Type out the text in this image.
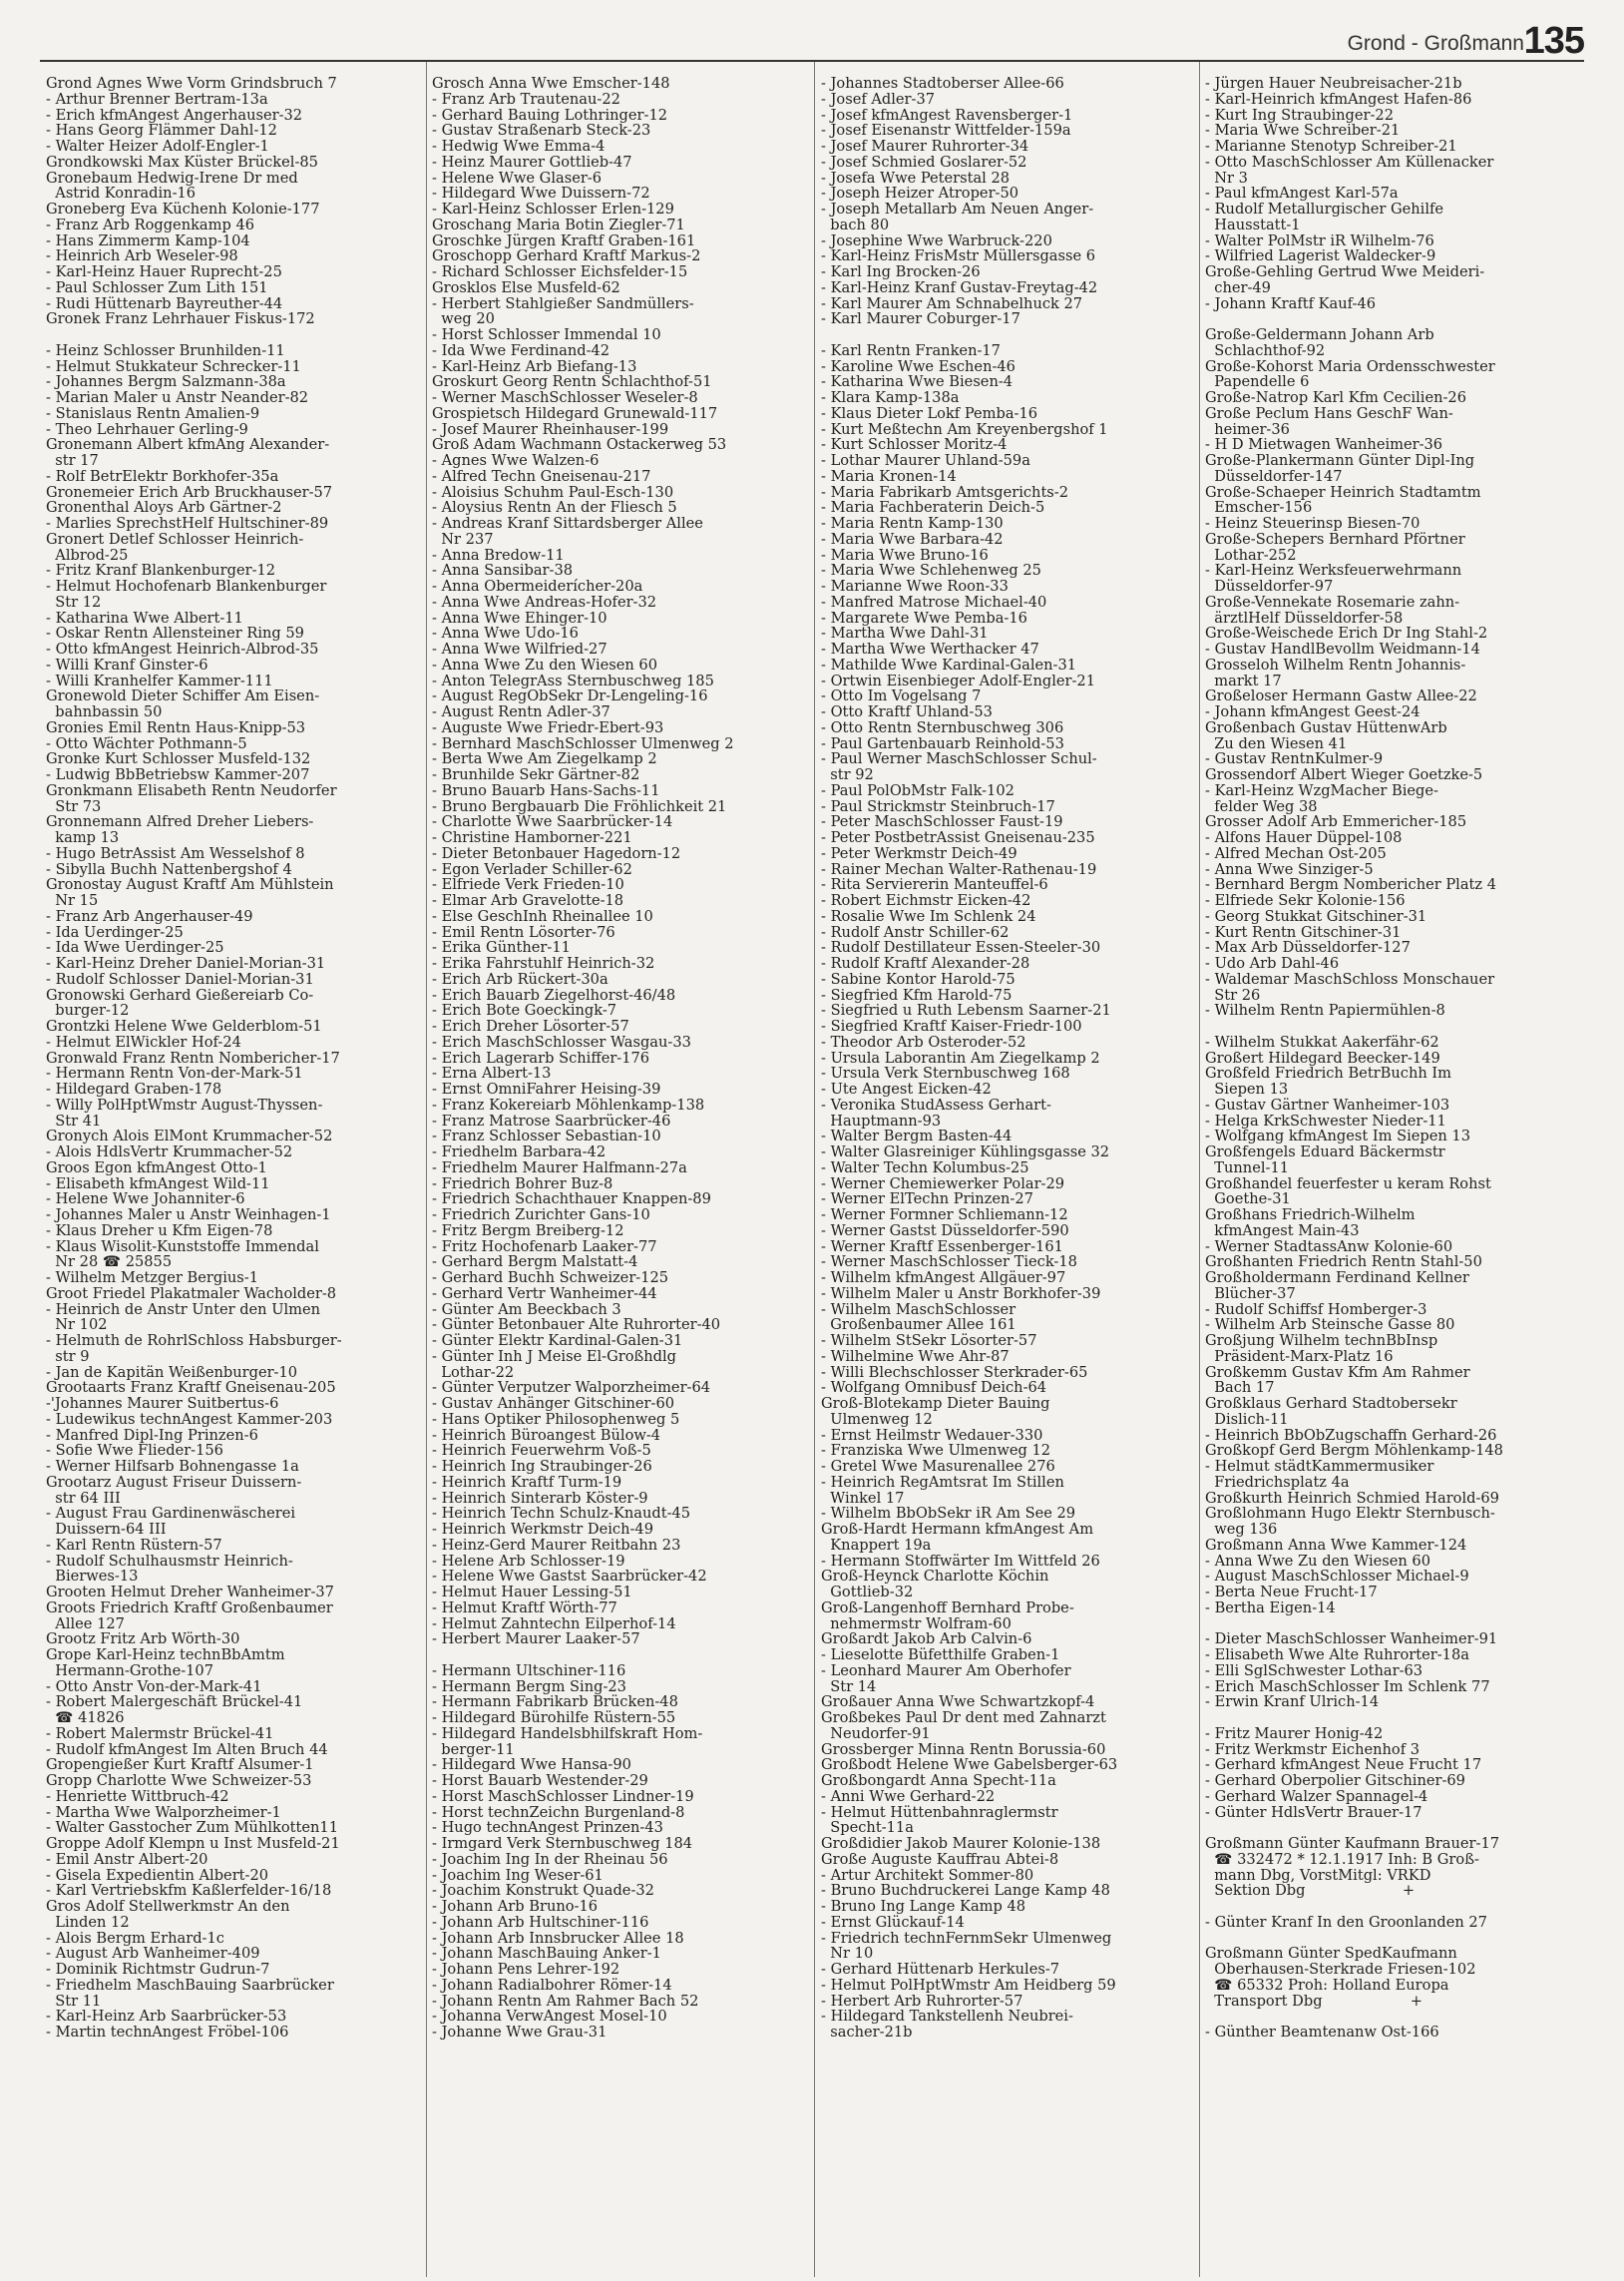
Grond - Großmann 135
Grond Agnes Wwe Vorm Grindsbruch 7
- Arthur Brenner Bertram-13a
- Erich kfmAngest Angerhauser-32
- Hans Georg Flämmer Dahl-12
- Walter Heizer Adolf-Engler-1
Grondkowski Max Küster Brückel-85
Gronebaum Hedwig-Irene Dr med
Astrid Konradin-16
Groneberg Eva Küchenh Kolonie-177
- Franz Arb Roggenkamp 46
- Hans Zimmerm Kamp-104
- Heinrich Arb Weseler-98
- Karl-Heinz Hauer Ruprecht-25
- Paul Schlosser Zum Lith 151
- Rudi Hüttenarb Bayreuther-44
Gronek Franz Lehrhauer Fiskus-172

- Heinz Schlosser Brunhilden-11
- Helmut Stukkateur Schrecker-11
- Johannes Bergm Salzmann-38a
- Marian Maler u Anstr Neander-82
- Stanislaus Rentn Amalien-9
- Theo Lehrhauer Gerling-9
Gronemann Albert kfmAng Alexander-
str 17
- Rolf BetrElektr Borkhofer-35a
Gronemeier Erich Arb Bruckhauser-57
Gronenthal Aloys Arb Gärtner-2
- Marlies SprechstHelf Hultschiner-89
Gronert Detlef Schlosser Heinrich-
Albrod-25
- Fritz Kranf Blankenburger-12
- Helmut Hochofenarb Blankenburger
Str 12
- Katharina Wwe Albert-11
- Oskar Rentn Allensteiner Ring 59
- Otto kfmAngest Heinrich-Albrod-35
- Willi Kranf Ginster-6
- Willi Kranhelfer Kammer-111
Gronewold Dieter Schiffer Am Eisen-
bahnbassin 50
Gronies Emil Rentn Haus-Knipp-53
- Otto Wächter Pothmann-5
Gronke Kurt Schlosser Musfeld-132
- Ludwig BbBetriebsw Kammer-207
Gronkmann Elisabeth Rentn Neudorfer
Str 73
Gronnemann Alfred Dreher Liebers-
kamp 13
- Hugo BetrAssist Am Wesselshof 8
- Sibylla Buchh Nattenbergshof 4
Gronostay August Kraftf Am Mühlstein
Nr 15
- Franz Arb Angerhauser-49
- Ida Uerdinger-25
- Ida Wwe Uerdinger-25
- Karl-Heinz Dreher Daniel-Morian-31
- Rudolf Schlosser Daniel-Morian-31
Gronowski Gerhard Gießereiarb Co-
burger-12
Grontzki Helene Wwe Gelderblom-51
- Helmut ElWickler Hof-24
Gronwald Franz Rentn Nombericher-17
- Hermann Rentn Von-der-Mark-51
- Hildegard Graben-178
- Willy PolHptWmstr August-Thyssen-
Str 41
Gronych Alois ElMont Krummacher-52
- Alois HdlsVertr Krummacher-52
Groos Egon kfmAngest Otto-1
- Elisabeth kfmAngest Wild-11
- Helene Wwe Johanniter-6
- Johannes Maler u Anstr Weinhagen-1
- Klaus Dreher u Kfm Eigen-78
- Klaus Wisolit-Kunststoffe Immendal
Nr 28 ☎ 25855
- Wilhelm Metzger Bergius-1
Groot Friedel Plakatmaler Wacholder-8
- Heinrich de Anstr Unter den Ulmen
Nr 102
- Helmuth de RohrlSchloss Habsburger-
str 9
- Jan de Kapitän Weißenburger-10
Grootaarts Franz Kraftf Gneisenau-205
-'Johannes Maurer Suitbertus-6
- Ludewikus technAngest Kammer-203
- Manfred Dipl-Ing Prinzen-6
- Sofie Wwe Flieder-156
- Werner Hilfsarb Bohnengasse 1a
Grootarz August Friseur Duissern-
str 64 III
- August Frau Gardinenwäscherei
Duissern-64 III
- Karl Rentn Rüstern-57
- Rudolf Schulhausmstr Heinrich-
Bierwes-13
Grooten Helmut Dreher Wanheimer-37
Groots Friedrich Kraftf Großenbaumer
Allee 127
Grootz Fritz Arb Wörth-30
Grope Karl-Heinz technBbAmtm
Hermann-Grothe-107
- Otto Anstr Von-der-Mark-41
- Robert Malergeschäft Brückel-41
☎ 41826
- Robert Malermstr Brückel-41
- Rudolf kfmAngest Im Alten Bruch 44
Gropengießer Kurt Kraftf Alsumer-1
Gropp Charlotte Wwe Schweizer-53
- Henriette Wittbruch-42
- Martha Wwe Walporzheimer-1
- Walter Gasstocher Zum Mühlkotten11
Groppe Adolf Klempn u Inst Musfeld-21
- Emil Anstr Albert-20
- Gisela Expedientin Albert-20
- Karl Vertriebskfm Kaßlerfelder-16/18
Gros Adolf Stellwerkmstr An den
Linden 12
- Alois Bergm Erhard-1c
- August Arb Wanheimer-409
- Dominik Richtmstr Gudrun-7
- Friedhelm MaschBauing Saarbrücker
Str 11
- Karl-Heinz Arb Saarbrücker-53
- Martin technAngest Fröbel-106
Grosch Anna Wwe Emscher-148
- Franz Arb Trautenau-22
- Gerhard Bauing Lothringer-12
- Gustav Straßenarb Steck-23
- Hedwig Wwe Emma-4
- Heinz Maurer Gottlieb-47
- Helene Wwe Glaser-6
- Hildegard Wwe Duissern-72
- Karl-Heinz Schlosser Erlen-129
Groschang Maria Botin Ziegler-71
Groschke Jürgen Kraftf Graben-161
Groschopp Gerhard Kraftf Markus-2
- Richard Schlosser Eichsfelder-15
Grosklos Else Musfeld-62
- Herbert Stahlgießer Sandmüllers-
weg 20
- Horst Schlosser Immendal 10
- Ida Wwe Ferdinand-42
- Karl-Heinz Arb Biefang-13
Groskurt Georg Rentn Schlachthof-51
- Werner MaschSchlosser Weseler-8
Grospietsch Hildegard Grunewald-117
- Josef Maurer Rheinhauser-199
Groß Adam Wachmann Ostackerweg 53
- Agnes Wwe Walzen-6
- Alfred Techn Gneisenau-217
- Aloisius Schuhm Paul-Esch-130
- Aloysius Rentn An der Fliesch 5
- Andreas Kranf Sittardsberger Allee
Nr 237
- Anna Bredow-11
- Anna Sansibar-38
- Anna Obermeiderícher-20a
- Anna Wwe Andreas-Hofer-32
- Anna Wwe Ehinger-10
- Anna Wwe Udo-16
- Anna Wwe Wilfried-27
- Anna Wwe Zu den Wiesen 60
- Anton TelegrAss Sternbuschweg 185
- August RegObSekr Dr-Lengeling-16
- August Rentn Adler-37
- Auguste Wwe Friedr-Ebert-93
- Bernhard MaschSchlosser Ulmenweg 2
- Berta Wwe Am Ziegelkamp 2
- Brunhilde Sekr Gärtner-82
- Bruno Bauarb Hans-Sachs-11
- Bruno Bergbauarb Die Fröhlichkeit 21
- Charlotte Wwe Saarbrücker-14
- Christine Hamborner-221
- Dieter Betonbauer Hagedorn-12
- Egon Verlader Schiller-62
- Elfriede Verk Frieden-10
- Elmar Arb Gravelotte-18
- Else GeschInh Rheinallee 10
- Emil Rentn Lösorter-76
- Erika Günther-11
- Erika Fahrstuhlf Heinrich-32
- Erich Arb Rückert-30a
- Erich Bauarb Ziegelhorst-46/48
- Erich Bote Goeckingk-7
- Erich Dreher Lösorter-57
- Erich MaschSchlosser Wasgau-33
- Erich Lagerarb Schiffer-176
- Erna Albert-13
- Ernst OmniFahrer Heising-39
- Franz Kokereiarb Möhlenkamp-138
- Franz Matrose Saarbrücker-46
- Franz Schlosser Sebastian-10
- Friedhelm Barbara-42
- Friedhelm Maurer Halfmann-27a
- Friedrich Bohrer Buz-8
- Friedrich Schachthauer Knappen-89
- Friedrich Zurichter Gans-10
- Fritz Bergm Breiberg-12
- Fritz Hochofenarb Laaker-77
- Gerhard Bergm Malstatt-4
- Gerhard Buchh Schweizer-125
- Gerhard Vertr Wanheimer-44
- Günter Am Beeckbach 3
- Günter Betonbauer Alte Ruhrorter-40
- Günter Elektr Kardinal-Galen-31
- Günter Inh J Meise El-Großhdlg
Lothar-22
- Günter Verputzer Walporzheimer-64
- Gustav Anhänger Gitschiner-60
- Hans Optiker Philosophenweg 5
- Heinrich Büroangest Bülow-4
- Heinrich Feuerwehrm Voß-5
- Heinrich Ing Straubinger-26
- Heinrich Kraftf Turm-19
- Heinrich Sinterarb Köster-9
- Heinrich Techn Schulz-Knaudt-45
- Heinrich Werkmstr Deich-49
- Heinz-Gerd Maurer Reitbahn 23
- Helene Arb Schlosser-19
- Helene Wwe Gastst Saarbrücker-42
- Helmut Hauer Lessing-51
- Helmut Kraftf Wörth-77
- Helmut Zahntechn Eilperhof-14
- Herbert Maurer Laaker-57

- Hermann Ultschiner-116
- Hermann Bergm Sing-23
- Hermann Fabrikarb Brücken-48
- Hildegard Bürohilfe Rüstern-55
- Hildegard Handelsbhilfskraft Hom-
berger-11
- Hildegard Wwe Hansa-90
- Horst Bauarb Westender-29
- Horst MaschSchlosser Lindner-19
- Horst technZeichn Burgenland-8
- Hugo technAngest Prinzen-43
- Irmgard Verk Sternbuschweg 184
- Joachim Ing In der Rheinau 56
- Joachim Ing Weser-61
- Joachim Konstrukt Quade-32
- Johann Arb Bruno-16
- Johann Arb Hultschiner-116
- Johann Arb Innsbrucker Allee 18
- Johann MaschBauing Anker-1
- Johann Pens Lehrer-192
- Johann Radialbohrer Römer-14
- Johann Rentn Am Rahmer Bach 52
- Johanna VerwAngest Mosel-10
- Johanne Wwe Grau-31
- Johannes Stadtoberser Allee-66
- Josef Adler-37
- Josef kfmAngest Ravensberger-1
- Josef Eisenanstr Wittfelder-159a
- Josef Maurer Ruhrorter-34
- Josef Schmied Goslarer-52
- Josefa Wwe Peterstal 28
- Joseph Heizer Atroper-50
- Joseph Metallarb Am Neuen Anger-
bach 80
- Josephine Wwe Warbruck-220
- Karl-Heinz FrisMstr Müllersgasse 6
- Karl Ing Brocken-26
- Karl-Heinz Kranf Gustav-Freytag-42
- Karl Maurer Am Schnabelhuck 27
- Karl Maurer Coburger-17

- Karl Rentn Franken-17
- Karoline Wwe Eschen-46
- Katharina Wwe Biesen-4
- Klara Kamp-138a
- Klaus Dieter Lokf Pemba-16
- Kurt Meßtechn Am Kreyenbergshof 1
- Kurt Schlosser Moritz-4
- Lothar Maurer Uhland-59a
- Maria Kronen-14
- Maria Fabrikarb Amtsgerichts-2
- Maria Fachberaterin Deich-5
- Maria Rentn Kamp-130
- Maria Wwe Barbara-42
- Maria Wwe Bruno-16
- Maria Wwe Schlehenweg 25
- Marianne Wwe Roon-33
- Manfred Matrose Michael-40
- Margarete Wwe Pemba-16
- Martha Wwe Dahl-31
- Martha Wwe Werthacker 47
- Mathilde Wwe Kardinal-Galen-31
- Ortwin Eisenbieger Adolf-Engler-21
- Otto Im Vogelsang 7
- Otto Kraftf Uhland-53
- Otto Rentn Sternbuschweg 306
- Paul Gartenbauarb Reinhold-53
- Paul Werner MaschSchlosser Schul-
str 92
- Paul PolObMstr Falk-102
- Paul Strickmstr Steinbruch-17
- Peter MaschSchlosser Faust-19
- Peter PostbetrAssist Gneisenau-235
- Peter Werkmstr Deich-49
- Rainer Mechan Walter-Rathenau-19
- Rita Serviererin Manteuffel-6
- Robert Eichmstr Eicken-42
- Rosalie Wwe Im Schlenk 24
- Rudolf Anstr Schiller-62
- Rudolf Destillateur Essen-Steeler-30
- Rudolf Kraftf Alexander-28
- Sabine Kontor Harold-75
- Siegfried Kfm Harold-75
- Siegfried u Ruth Lebensm Saarner-21
- Siegfried Kraftf Kaiser-Friedr-100
- Theodor Arb Osteroder-52
- Ursula Laborantin Am Ziegelkamp 2
- Ursula Verk Sternbuschweg 168
- Ute Angest Eicken-42
- Veronika StudAssess Gerhart-
Hauptmann-93
- Walter Bergm Basten-44
- Walter Glasreiniger Kühlingsgasse 32
- Walter Techn Kolumbus-25
- Werner Chemiewerker Polar-29
- Werner ElTechn Prinzen-27
- Werner Formner Schliemann-12
- Werner Gastst Düsseldorfer-590
- Werner Kraftf Essenberger-161
- Werner MaschSchlosser Tieck-18
- Wilhelm kfmAngest Allgäuer-97
- Wilhelm Maler u Anstr Borkhofer-39
- Wilhelm MaschSchlosser
Großenbaumer Allee 161
- Wilhelm StSekr Lösorter-57
- Wilhelmine Wwe Ahr-87
- Willi Blechschlosser Sterkrader-65
- Wolfgang Omnibusf Deich-64
Groß-Blotekamp Dieter Bauing
Ulmenweg 12
- Ernst Heilmstr Wedauer-330
- Franziska Wwe Ulmenweg 12
- Gretel Wwe Masurenallee 276
- Heinrich RegAmtsrat Im Stillen
Winkel 17
- Wilhelm BbObSekr iR Am See 29
Groß-Hardt Hermann kfmAngest Am
Knappert 19a
- Hermann Stoffwärter Im Wittfeld 26
Groß-Heynck Charlotte Köchin
Gottlieb-32
Groß-Langenhoff Bernhard Probe-
nehmermstr Wolfram-60
Großardt Jakob Arb Calvin-6
- Lieselotte Büfetthilfe Graben-1
- Leonhard Maurer Am Oberhofer
Str 14
Großauer Anna Wwe Schwartzkopf-4
Großbekes Paul Dr dent med Zahnarzt
Neudorfer-91
Grossberger Minna Rentn Borussia-60
Großbodt Helene Wwe Gabelsberger-63
Großbongardt Anna Specht-11a
- Anni Wwe Gerhard-22
- Helmut Hüttenbahnraglermstr
Specht-11a
Großdidier Jakob Maurer Kolonie-138
Große Auguste Kauffrau Abtei-8
- Artur Architekt Sommer-80
- Bruno Buchdruckerei Lange Kamp 48
- Bruno Ing Lange Kamp 48
- Ernst Glückauf-14
- Friedrich technFernmSekr Ulmenweg
Nr 10
- Gerhard Hüttenarb Herkules-7
- Helmut PolHptWmstr Am Heidberg 59
- Herbert Arb Ruhrorter-57
- Hildegard Tankstellenh Neubrei-
sacher-21b
- Jürgen Hauer Neubreisacher-21b
- Karl-Heinrich kfmAngest Hafen-86
- Kurt Ing Straubinger-22
- Maria Wwe Schreiber-21
- Marianne Stenotyp Schreiber-21
- Otto MaschSchlosser Am Küllenacker
Nr 3
- Paul kfmAngest Karl-57a
- Rudolf Metallurgischer Gehilfe
Hausstatt-1
- Walter PolMstr iR Wilhelm-76
- Wilfried Lagerist Waldecker-9
Große-Gehling Gertrud Wwe Meideri-
cher-49
- Johann Kraftf Kauf-46

Große-Geldermann Johann Arb
Schlachthof-92
Große-Kohorst Maria Ordensschwester
Papendelle 6
Große-Natrop Karl Kfm Cecilien-26
Große Peclum Hans GeschF Wan-
heimer-36
- H D Mietwagen Wanheimer-36
Große-Plankermann Günter Dipl-Ing
Düsseldorfer-147
Große-Schaeper Heinrich Stadtamtm
Emscher-156
- Heinz Steuerinsp Biesen-70
Große-Schepers Bernhard Pförtner
Lothar-252
- Karl-Heinz Werksfeuerwehrmann
Düsseldorfer-97
Große-Vennekate Rosemarie zahn-
ärztlHelf Düsseldorfer-58
Große-Weischede Erich Dr Ing Stahl-2
- Gustav HandlBevollm Weidmann-14
Grosseloh Wilhelm Rentn Johannis-
markt 17
Großeloser Hermann Gastw Allee-22
- Johann kfmAngest Geest-24
Großenbach Gustav HüttenwArb
Zu den Wiesen 41
- Gustav RentnKulmer-9
Grossendorf Albert Wieger Goetzke-5
- Karl-Heinz WzgMacher Biege-
felder Weg 38
Grosser Adolf Arb Emmericher-185
- Alfons Hauer Düppel-108
- Alfred Mechan Ost-205
- Anna Wwe Sinziger-5
- Bernhard Bergm Nombericher Platz 4
- Elfriede Sekr Kolonie-156
- Georg Stukkat Gitschiner-31
- Kurt Rentn Gitschiner-31
- Max Arb Düsseldorfer-127
- Udo Arb Dahl-46
- Waldemar MaschSchloss Monschauer
Str 26
- Wilhelm Rentn Papiermühlen-8

- Wilhelm Stukkat Aakerfähr-62
Großert Hildegard Beecker-149
Großfeld Friedrich BetrBuchh Im
Siepen 13
- Gustav Gärtner Wanheimer-103
- Helga KrkSchwester Nieder-11
- Wolfgang kfmAngest Im Siepen 13
Großfengels Eduard Bäckermstr
Tunnel-11
Großhandel feuerfester u keram Rohst
Goethe-31
Großhans Friedrich-Wilhelm
kfmAngest Main-43
- Werner StadtassAnw Kolonie-60
Großhanten Friedrich Rentn Stahl-50
Großholdermann Ferdinand Kellner
Blücher-37
- Rudolf Schiffsf Homberger-3
- Wilhelm Arb Steinsche Gasse 80
Großjung Wilhelm technBbInsp
Präsident-Marx-Platz 16
Großkemm Gustav Kfm Am Rahmer
Bach 17
Großklaus Gerhard Stadtobersekr
Dislich-11
- Heinrich BbObZugschaffn Gerhard-26
Großkopf Gerd Bergm Möhlenkamp-148
- Helmut städtKammermusiker
Friedrichsplatz 4a
Großkurth Heinrich Schmied Harold-69
Großlohmann Hugo Elektr Sternbusch-
weg 136
Großmann Anna Wwe Kammer-124
- Anna Wwe Zu den Wiesen 60
- August MaschSchlosser Michael-9
- Berta Neue Frucht-17
- Bertha Eigen-14

- Dieter MaschSchlosser Wanheimer-91
- Elisabeth Wwe Alte Ruhrorter-18a
- Elli SglSchwester Lothar-63
- Erich MaschSchlosser Im Schlenk 77
- Erwin Kranf Ulrich-14

- Fritz Maurer Honig-42
- Fritz Werkmstr Eichenhof 3
- Gerhard kfmAngest Neue Frucht 17
- Gerhard Oberpolier Gitschiner-69
- Gerhard Walzer Spannagel-4
- Günter HdlsVertr Brauer-17

Großmann Günter Kaufmann Brauer-17
☎ 332472 * 12.1.1917 Inh: B Groß-
mann Dbg, VorstMitgl: VRKD
Sektion Dbg                     +

- Günter Kranf In den Groonlanden 27

Großmann Günter SpedKaufmann
Oberhausen-Sterkrade Friesen-102
☎ 65332 Proh: Holland Europa
Transport Dbg                   +

- Günther Beamtenanw Ost-166
